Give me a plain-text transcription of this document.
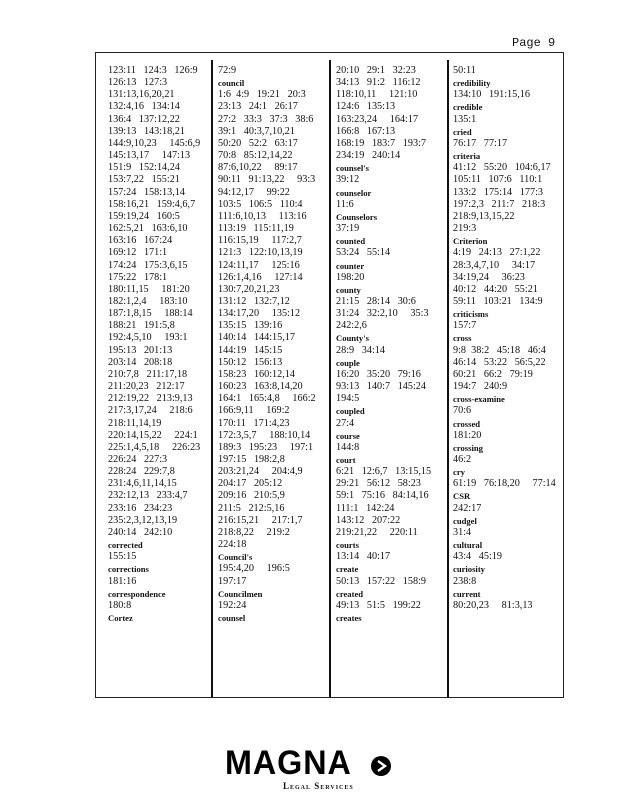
Page 9
123:11   124:3   126:9
126:13   127:3
131:13,16,20,21
132:4,16   134:14
136:4   137:12,22
139:13   143:18,21
144:9,10,23     145:6,9
145:13,17     147:13
151:9   152:14,24
153:7,22   155:21
157:24   158:13,14
158:16,21   159:4,6,7
159:19,24   160:5
162:5,21   163:6,10
163:16   167:24
169:12   171:1
174:24   175:3,6,15
175:22   178:1
180:11,15     181:20
182:1,2,4     183:10
187:1,8,15     188:14
188:21   191:5,8
192:4,5,10     193:1
195:13   201:13
203:14   208:18
210:7,8   211:17,18
211:20,23   212:17
212:19,22   213:9,13
217:3,17,24     218:6
218:11,14,19
220:14,15,22     224:1
225:1,4,5,18     226:23
226:24   227:3
228:24   229:7,8
231:4,6,11,14,15
232:12,13   233:4,7
233:16   234:23
235:2,3,12,13,19
240:14   242:10
corrected
155:15
corrections
181:16
correspondence
180:8
Cortez
72:9
council
1:6  4:9   19:21   20:3
23:13   24:1   26:17
27:2   33:3   37:3   38:6
39:1   40:3,7,10,21
50:20   52:2   63:17
70:8   85:12,14,22
87:6,10,22     89:17
90:11   91:13,22     93:3
94:12,17     99:22
103:5   106:5   110:4
111:6,10,13     113:16
113:19   115:11,19
116:15,19     117:2,7
121:3   122:10,13,19
124:11,17     125:16
126:1,4,16     127:14
130:7,20,21,23
131:12   132:7,12
134:17,20     135:12
135:15   139:16
140:14   144:15,17
144:19   145:15
150:12   156:13
158:23   160:12,14
160:23   163:8,14,20
164:1   165:4,8     166:2
166:9,11     169:2
170:11   171:4,23
172:3,5,7     188:10,14
189:3   195:23     197:1
197:15   198:2,8
203:21,24     204:4,9
204:17   205:12
209:16   210:5,9
211:5   212:5,16
216:15,21     217:1,7
218:8,22     219:2
224:18
Council's
195:4,20     196:5
197:17
Councilmen
192:24
counsel
20:10   29:1   32:23
34:13   91:2   116:12
118:10,11     121:10
124:6   135:13
163:23,24     164:17
166:8   167:13
168:19   183:7   193:7
234:19   240:14
counsel's
39:12
counselor
11:6
Counselors
37:19
counted
53:24   55:14
counter
198:20
county
21:15   28:14   30:6
31:24   32:2,10     35:3
242:2,6
County's
28:9   34:14
couple
16:20   35:20   79:16
93:13   140:7   145:24
194:5
coupled
27:4
course
144:8
court
6:21   12:6,7   13:15,15
29:21   56:12   58:23
59:1   75:16   84:14,16
111:1   142:24
143:12   207:22
219:21,22     220:11
courts
13:14   40:17
create
50:13   157:22   158:9
created
49:13   51:5   199:22
creates
50:11
credibility
134:10   191:15,16
credible
135:1
cried
76:17   77:17
criteria
41:12   55:20   104:6,17
105:11   107:6   110:1
133:2   175:14   177:3
197:2,3   211:7   218:3
218:9,13,15,22
219:3
Criterion
4:19   24:13   27:1,22
28:3,4,7,10     34:17
34:19,24     36:23
40:12   44:20   55:21
59:11   103:21   134:9
criticisms
157:7
cross
9:8  38:2   45:18   46:4
46:14   53:22   56:5,22
60:21   66:2   79:19
194:7   240:9
cross-examine
70:6
crossed
181:20
crossing
46:2
cry
61:19   76:18,20     77:14
CSR
242:17
cudgel
31:4
cultural
43:4   45:19
curiosity
238:8
current
80:20,23     81:3,13
MAGNA
Legal Services
